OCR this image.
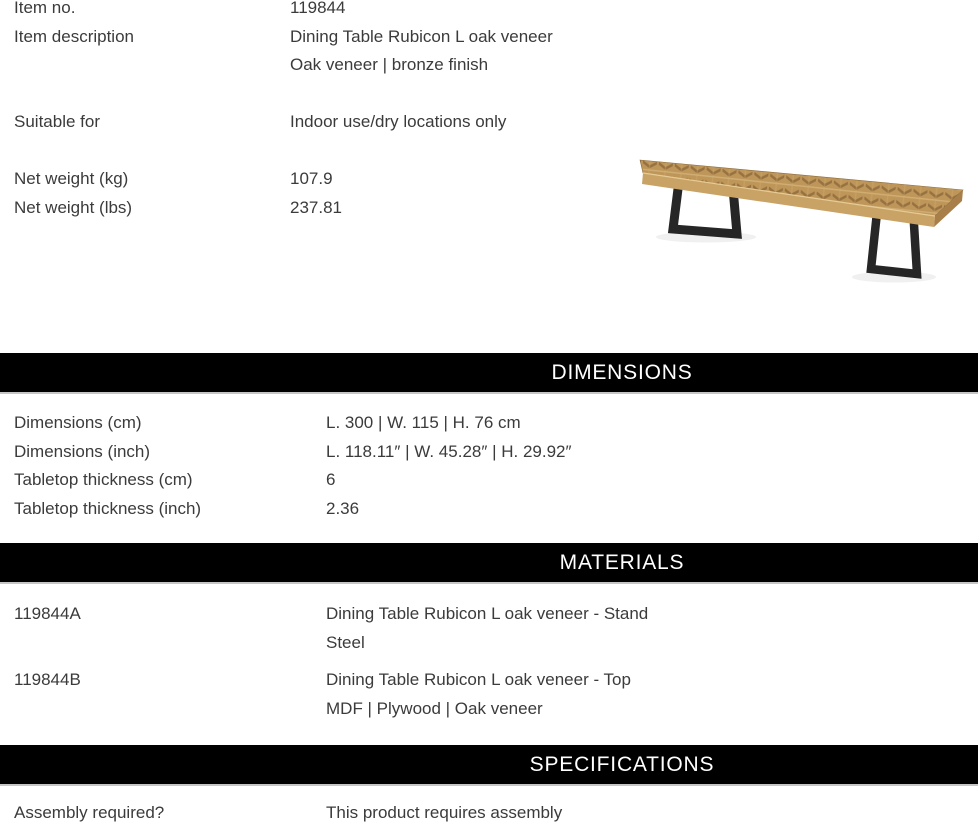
Item no.	119844
Item description	Dining Table Rubicon L oak veneer
Oak veneer | bronze finish
Suitable for	Indoor use/dry locations only
Net weight (kg)	107.9
Net weight (lbs)	237.81
DIMENSIONS
Dimensions (cm)	L. 300 | W. 115 | H. 76 cm
Dimensions (inch)	L. 118.11″ | W. 45.28″ | H. 29.92″
Tabletop thickness (cm)	6
Tabletop thickness (inch)	2.36
MATERIALS
119844A	Dining Table Rubicon L oak veneer - Stand
Steel
119844B	Dining Table Rubicon L oak veneer - Top
MDF | Plywood | Oak veneer
SPECIFICATIONS
Assembly required?	This product requires assembly
